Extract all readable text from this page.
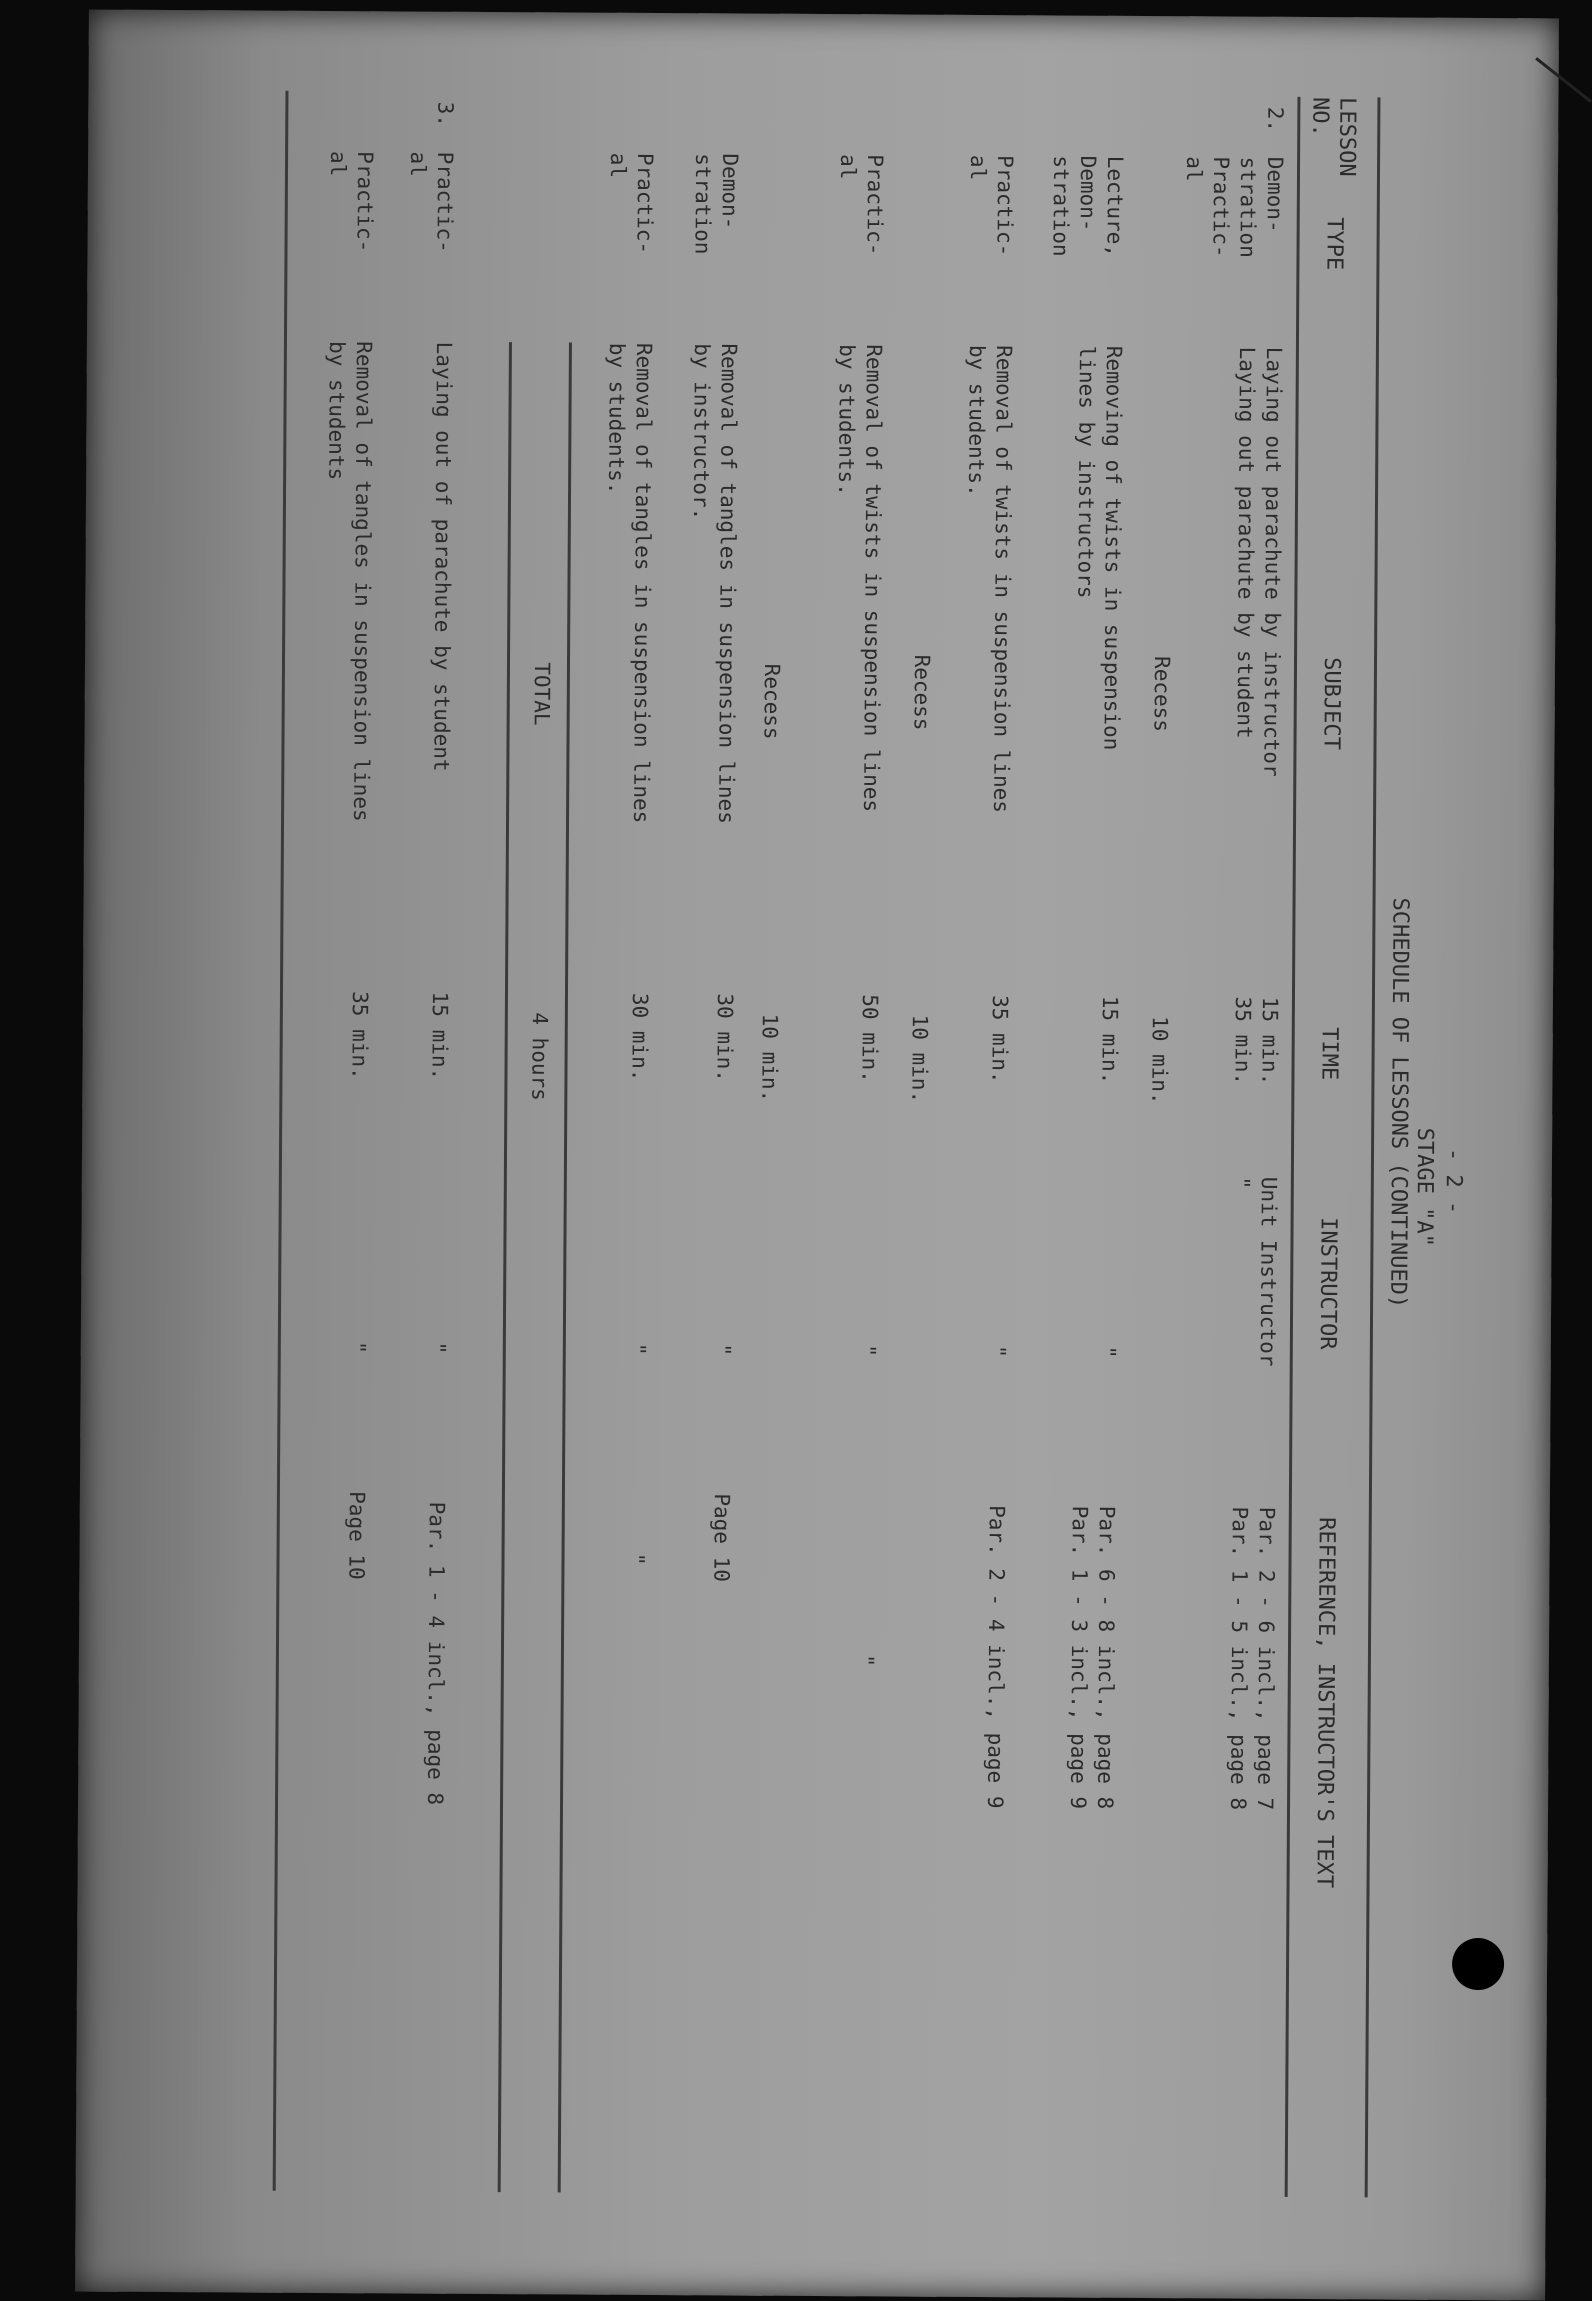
- 2 -
STAGE "A"
SCHEDULE OF LESSONS (CONTINUED)
LESSON
NO.
TYPE
SUBJECT
TIME
INSTRUCTOR
REFERENCE, INSTRUCTOR'S TEXT
2.
Demon-
stration
Practic-
al
Laying out parachute by instructor
Laying out parachute by student
15 min.
35 min.
Unit Instructor
"
Par. 2 - 6 incl., page 7
Par. 1 - 5 incl., page 8
Recess
10 min.
Lecture,
Demon-
stration
Removing of twists in suspension
lines by instructors
15 min.
"
Par. 6 - 8 incl., page 8
Par. 1 - 3 incl., page 9
Practic-
al
Removal of twists in suspension lines
by students.
35 min.
"
Par. 2 - 4 incl., page 9
Recess
10 min.
Practic-
al
Removal of twists in suspension lines
by students.
50 min.
"
"
Recess
10 min.
Demon-
stration
Removal of tangles in suspension lines
by instructor.
30 min.
"
Page 10
Practic-
al
Removal of tangles in suspension lines
by students.
30 min.
"
"
TOTAL
4 hours
3.
Practic-
al
Laying out of parachute by student
15 min.
"
Par. 1 - 4 incl., page 8
Practic-
al
Removal of tangles in suspension lines
by students
35 min.
"
Page 10
